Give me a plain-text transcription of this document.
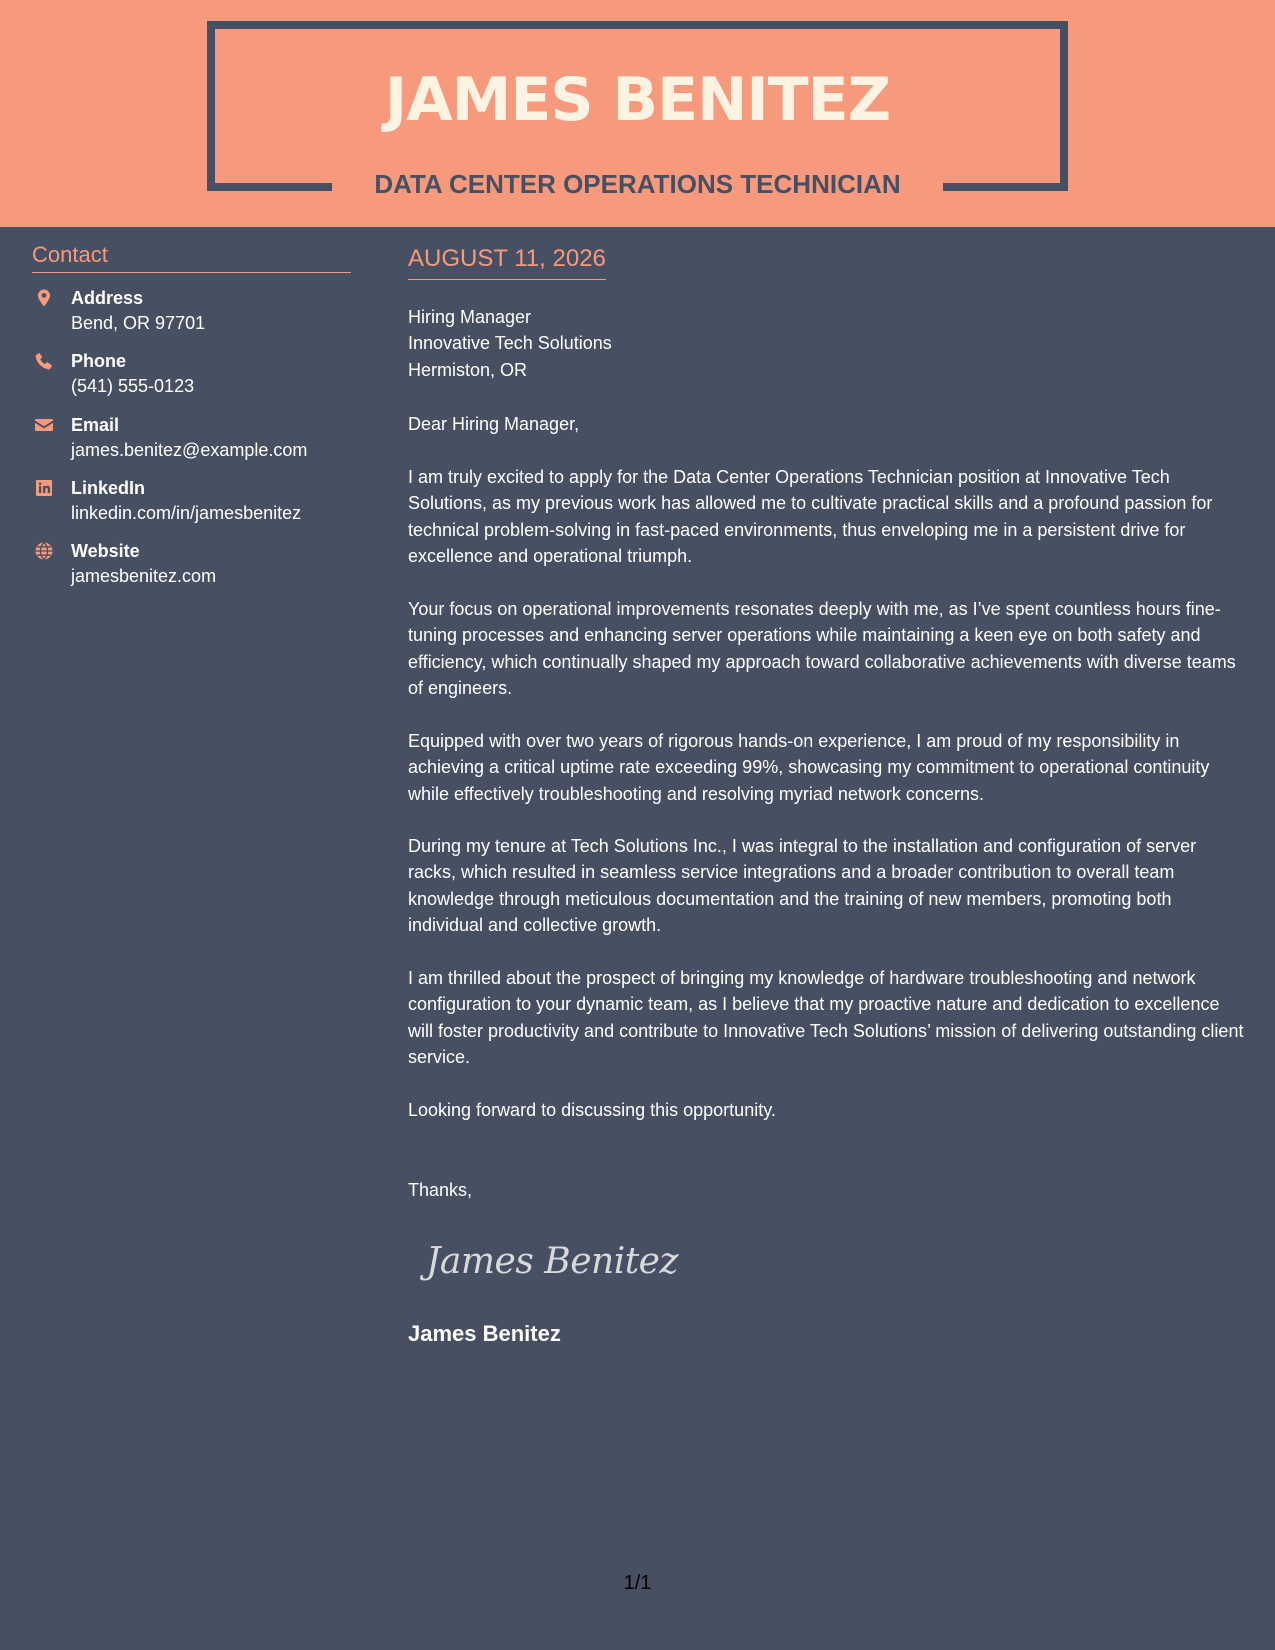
JAMES BENITEZ
DATA CENTER OPERATIONS TECHNICIAN
Contact
Address
Bend, OR 97701
Phone
(541) 555-0123
Email
james.benitez@example.com
LinkedIn
linkedin.com/in/jamesbenitez
Website
jamesbenitez.com
AUGUST 11, 2026
Hiring Manager
Innovative Tech Solutions
Hermiston, OR
Dear Hiring Manager,
I am truly excited to apply for the Data Center Operations Technician position at Innovative Tech Solutions, as my previous work has allowed me to cultivate practical skills and a profound passion for technical problem-solving in fast-paced environments, thus enveloping me in a persistent drive for excellence and operational triumph.
Your focus on operational improvements resonates deeply with me, as I’ve spent countless hours fine-tuning processes and enhancing server operations while maintaining a keen eye on both safety and efficiency, which continually shaped my approach toward collaborative achievements with diverse teams of engineers.
Equipped with over two years of rigorous hands-on experience, I am proud of my responsibility in achieving a critical uptime rate exceeding 99%, showcasing my commitment to operational continuity while effectively troubleshooting and resolving myriad network concerns.
During my tenure at Tech Solutions Inc., I was integral to the installation and configuration of server racks, which resulted in seamless service integrations and a broader contribution to overall team knowledge through meticulous documentation and the training of new members, promoting both individual and collective growth.
I am thrilled about the prospect of bringing my knowledge of hardware troubleshooting and network configuration to your dynamic team, as I believe that my proactive nature and dedication to excellence will foster productivity and contribute to Innovative Tech Solutions’ mission of delivering outstanding client service.
Looking forward to discussing this opportunity.
Thanks,
James Benitez
James Benitez
1/1
